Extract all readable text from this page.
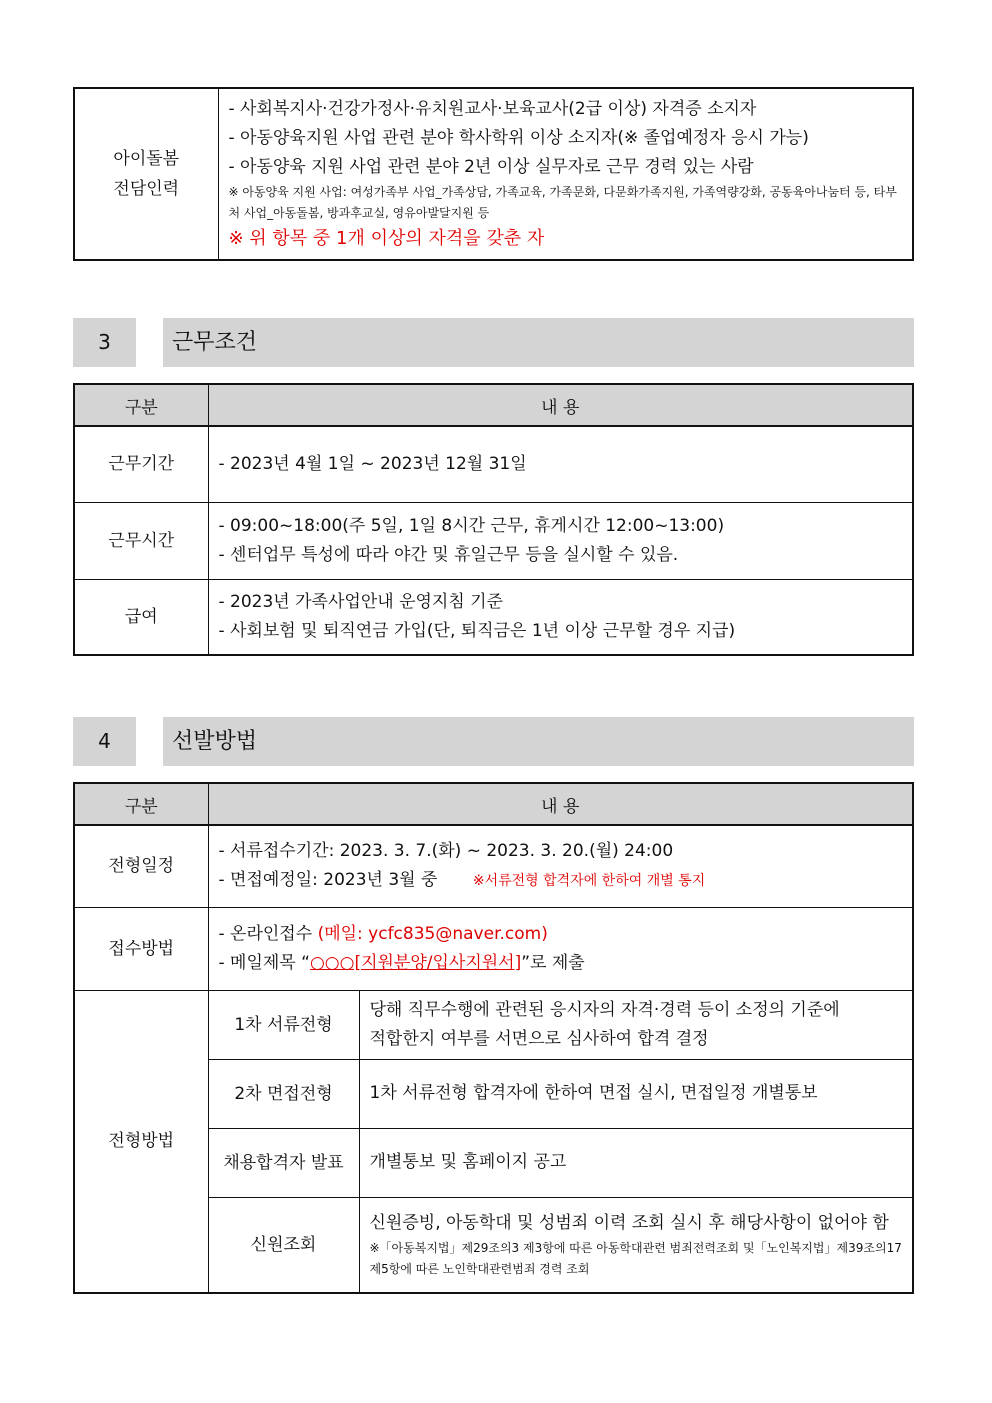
아이돌봄
전담인력

- 사회복지사·건강가정사·유치원교사·보육교사(2급 이상) 자격증 소지자
- 아동양육지원 사업 관련 분야 학사학위 이상 소지자(※ 졸업예정자 응시 가능)
- 아동양육 지원 사업 관련 분야 2년 이상 실무자로 근무 경력 있는 사람
※ 아동양육 지원 사업: 여성가족부 사업_가족상담, 가족교육, 가족문화, 다문화가족지원, 가족역량강화, 공동육아나눔터 등, 타부처 사업_아동돌봄, 방과후교실, 영유아발달지원 등
※ 위 항목 중 1개 이상의 자격을 갖춘 자
3	근무조건
구분	내 용
근무기간	- 2023년 4월 1일 ~ 2023년 12월 31일

근무시간	- 09:00~18:00(주 5일, 1일 8시간 근무, 휴게시간 12:00~13:00)
- 센터업무 특성에 따라 야간 및 휴일근무 등을 실시할 수 있음.

급여	- 2023년 가족사업안내 운영지침 기준
- 사회보험 및 퇴직연금 가입(단, 퇴직금은 1년 이상 근무할 경우 지급)
4	선발방법
구분	내 용	
전형일정	- 서류접수기간: 2023. 3. 7.(화) ~ 2023. 3. 20.(월) 24:00
- 면접예정일: 2023년 3월 중 ※서류전형 합격자에 한하여 개별 통지	

접수방법	- 온라인접수 (메일: ycfc835@naver.com)
- 메일제목 “○○○[지원분양/입사지원서]”로 제출	

전형방법	1차 서류전형	당해 직무수행에 관련된 응시자의 자격·경력 등이 소정의 기준에
적합한지 여부를 서면으로 심사하여 합격 결정

	2차 면접전형	1차 서류전형 합격자에 한하여 면접 실시, 면접일정 개별통보

	채용합격자 발표	개별통보 및 홈페이지 공고

	신원조회	신원증빙, 아동학대 및 성범죄 이력 조회 실시 후 해당사항이 없어야 함
※「아동복지법」제29조의3 제3항에 따른 아동학대관련 범죄전력조회 및「노인복지법」제39조의17 제5항에 따른 노인학대관련범죄 경력 조회
